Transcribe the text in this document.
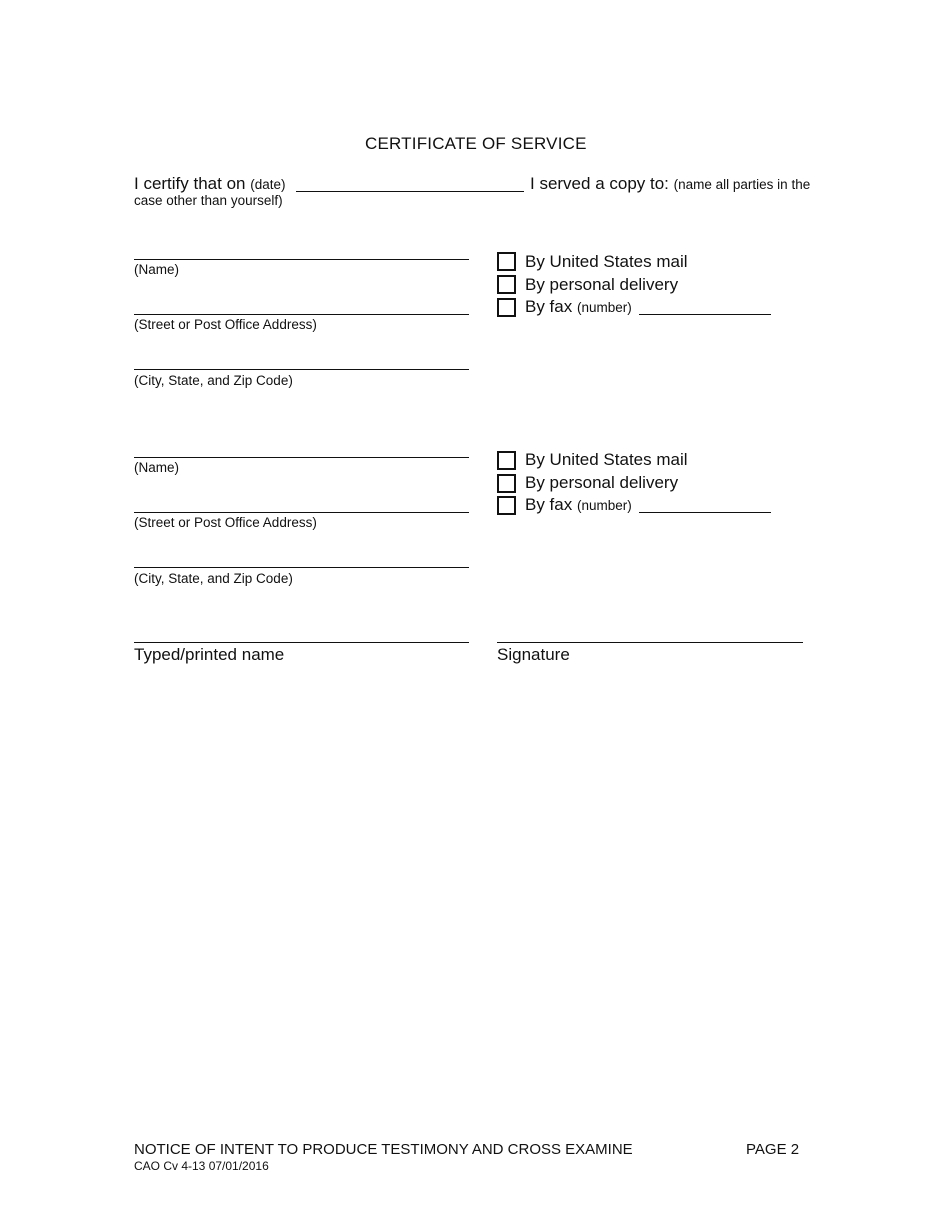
CERTIFICATE OF SERVICE
I certify that on (date)	I served a copy to: (name all parties in the
case other than yourself)
(Name)
(Street or Post Office Address)
(City, State, and Zip Code)
By United States mail
By personal delivery
By fax (number)
(Name)
(Street or Post Office Address)
(City, State, and Zip Code)
By United States mail
By personal delivery
By fax (number)
Typed/printed name	Signature
NOTICE OF INTENT TO PRODUCE TESTIMONY AND CROSS EXAMINE	PAGE 2
CAO Cv 4-13 07/01/2016
